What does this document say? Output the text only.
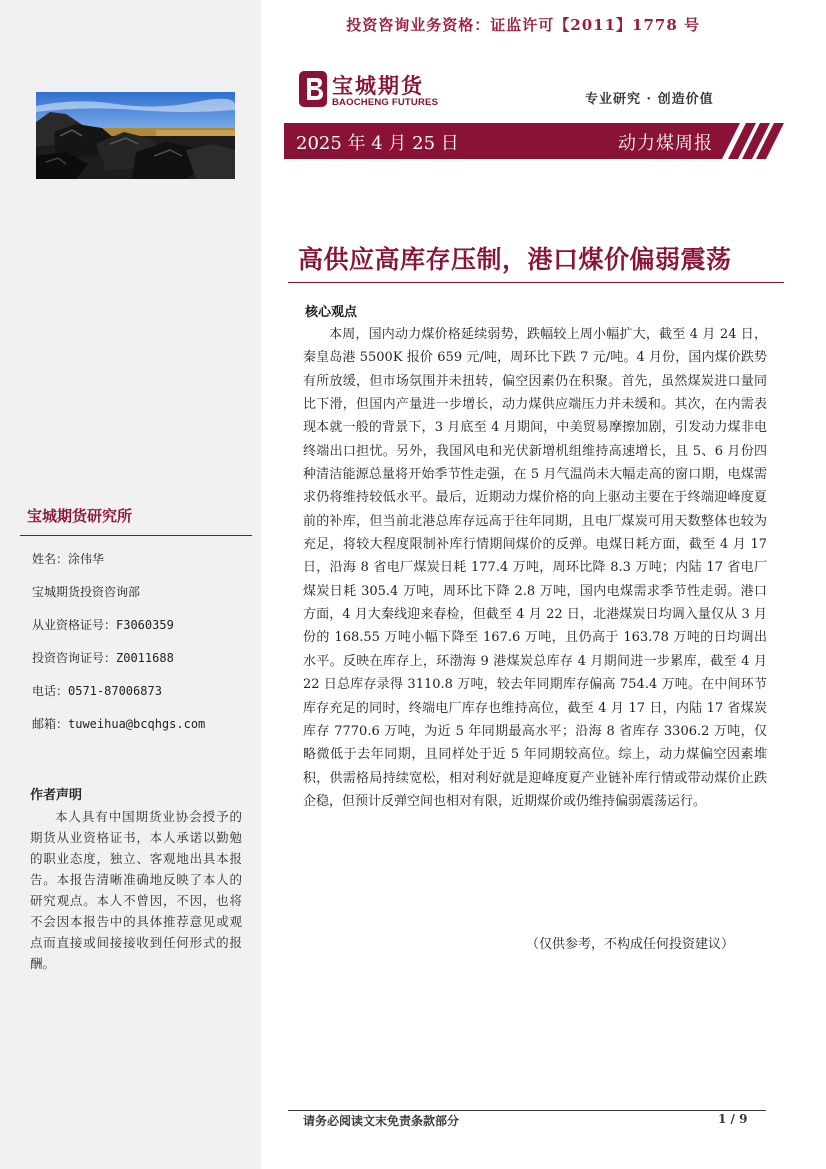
投资咨询业务资格：证监许可【2011】1778 号
宝城期货
BAOCHENG FUTURES	专业研究 · 创造价值
2025 年 4 月 25 日	动力煤周报
高供应高库存压制，港口煤价偏弱震荡
核心观点

本周，国内动力煤价格延续弱势，跌幅较上周小幅扩大，截至 4 月 24 日，秦皇岛港 5500K 报价 659 元/吨，周环比下跌 7 元/吨。4 月份，国内煤价跌势有所放缓，但市场氛围并未扭转，偏空因素仍在积聚。首先，虽然煤炭进口量同比下滑，但国内产量进一步增长，动力煤供应端压力并未缓和。其次，在内需表现本就一般的背景下，3 月底至 4 月期间，中美贸易摩擦加剧，引发动力煤非电终端出口担忧。另外，我国风电和光伏新增机组维持高速增长，且 5、6 月份四种清洁能源总量将开始季节性走强，在 5 月气温尚未大幅走高的窗口期，电煤需求仍将维持较低水平。最后，近期动力煤价格的向上驱动主要在于终端迎峰度夏前的补库，但当前北港总库存远高于往年同期，且电厂煤炭可用天数整体也较为充足，将较大程度限制补库行情期间煤价的反弹。电煤日耗方面，截至 4 月 17 日，沿海 8 省电厂煤炭日耗 177.4 万吨，周环比降 8.3 万吨；内陆 17 省电厂煤炭日耗 305.4 万吨，周环比下降 2.8 万吨，国内电煤需求季节性走弱。港口方面，4 月大秦线迎来春检，但截至 4 月 22 日，北港煤炭日均调入量仅从 3 月份的 168.55 万吨小幅下降至 167.6 万吨，且仍高于 163.78 万吨的日均调出水平。反映在库存上，环渤海 9 港煤炭总库存 4 月期间进一步累库，截至 4 月 22 日总库存录得 3110.8 万吨，较去年同期库存偏高 754.4 万吨。在中间环节库存充足的同时，终端电厂库存也维持高位，截至 4 月 17 日，内陆 17 省煤炭库存 7770.6 万吨，为近 5 年同期最高水平；沿海 8 省库存 3306.2 万吨，仅略微低于去年同期，且同样处于近 5 年同期较高位。综上，动力煤偏空因素堆积，供需格局持续宽松，相对利好就是迎峰度夏产业链补库行情或带动煤价止跌企稳，但预计反弹空间也相对有限，近期煤价或仍维持偏弱震荡运行。

（仅供参考，不构成任何投资建议）
宝城期货研究所
姓名：涂伟华
宝城期货投资咨询部
从业资格证号：F3060359
投资咨询证号：Z0011688
电话：0571-87006873
邮箱：tuweihua@bcqhgs.com
作者声明

本人具有中国期货业协会授予的期货从业资格证书，本人承诺以勤勉的职业态度，独立、客观地出具本报告。本报告清晰准确地反映了本人的研究观点。本人不曾因，不因，也将不会因本报告中的具体推荐意见或观点而直接或间接接收到任何形式的报酬。

请务必阅读文末免责条款部分	1 / 9
